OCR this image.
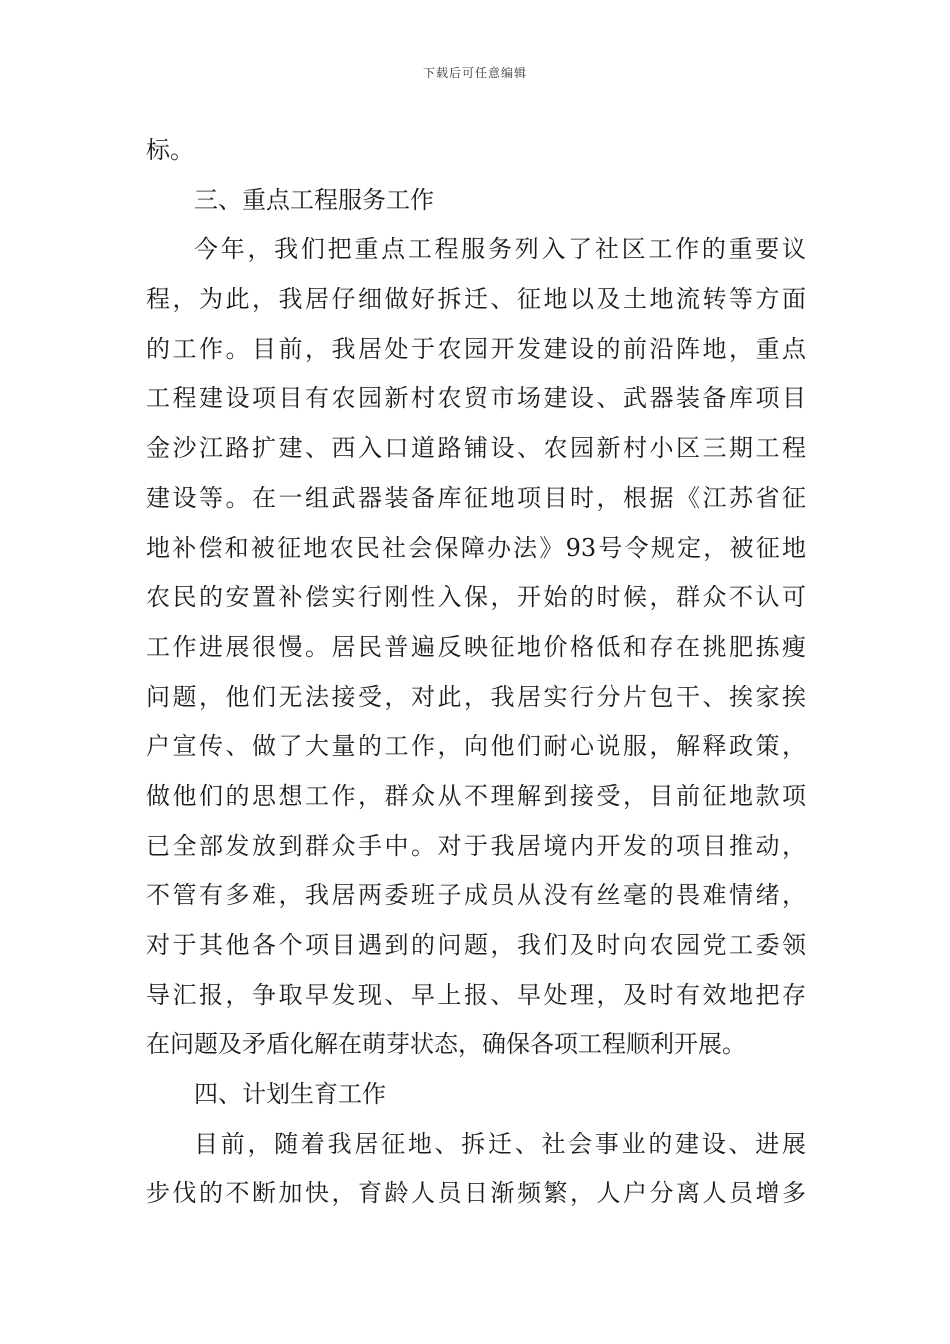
下载后可任意编辑
标。
三、重点工程服务工作
今年，我们把重点工程服务列入了社区工作的重要议
程，为此，我居仔细做好拆迁、征地以及土地流转等方面
的工作。目前，我居处于农园开发建设的前沿阵地，重点
工程建设项目有农园新村农贸市场建设、武器装备库项目
金沙江路扩建、西入口道路铺设、农园新村小区三期工程
建设等。在一组武器装备库征地项目时，根据《江苏省征
地补偿和被征地农民社会保障办法》93号令规定，被征地
农民的安置补偿实行刚性入保，开始的时候，群众不认可
工作进展很慢。居民普遍反映征地价格低和存在挑肥拣瘦
问题，他们无法接受，对此，我居实行分片包干、挨家挨
户宣传、做了大量的工作，向他们耐心说服，解释政策，
做他们的思想工作，群众从不理解到接受，目前征地款项
已全部发放到群众手中。对于我居境内开发的项目推动，
不管有多难，我居两委班子成员从没有丝毫的畏难情绪，
对于其他各个项目遇到的问题，我们及时向农园党工委领
导汇报，争取早发现、早上报、早处理，及时有效地把存
在问题及矛盾化解在萌芽状态，确保各项工程顺利开展。
四、计划生育工作
目前，随着我居征地、拆迁、社会事业的建设、进展
步伐的不断加快，育龄人员日渐频繁，人户分离人员增多
